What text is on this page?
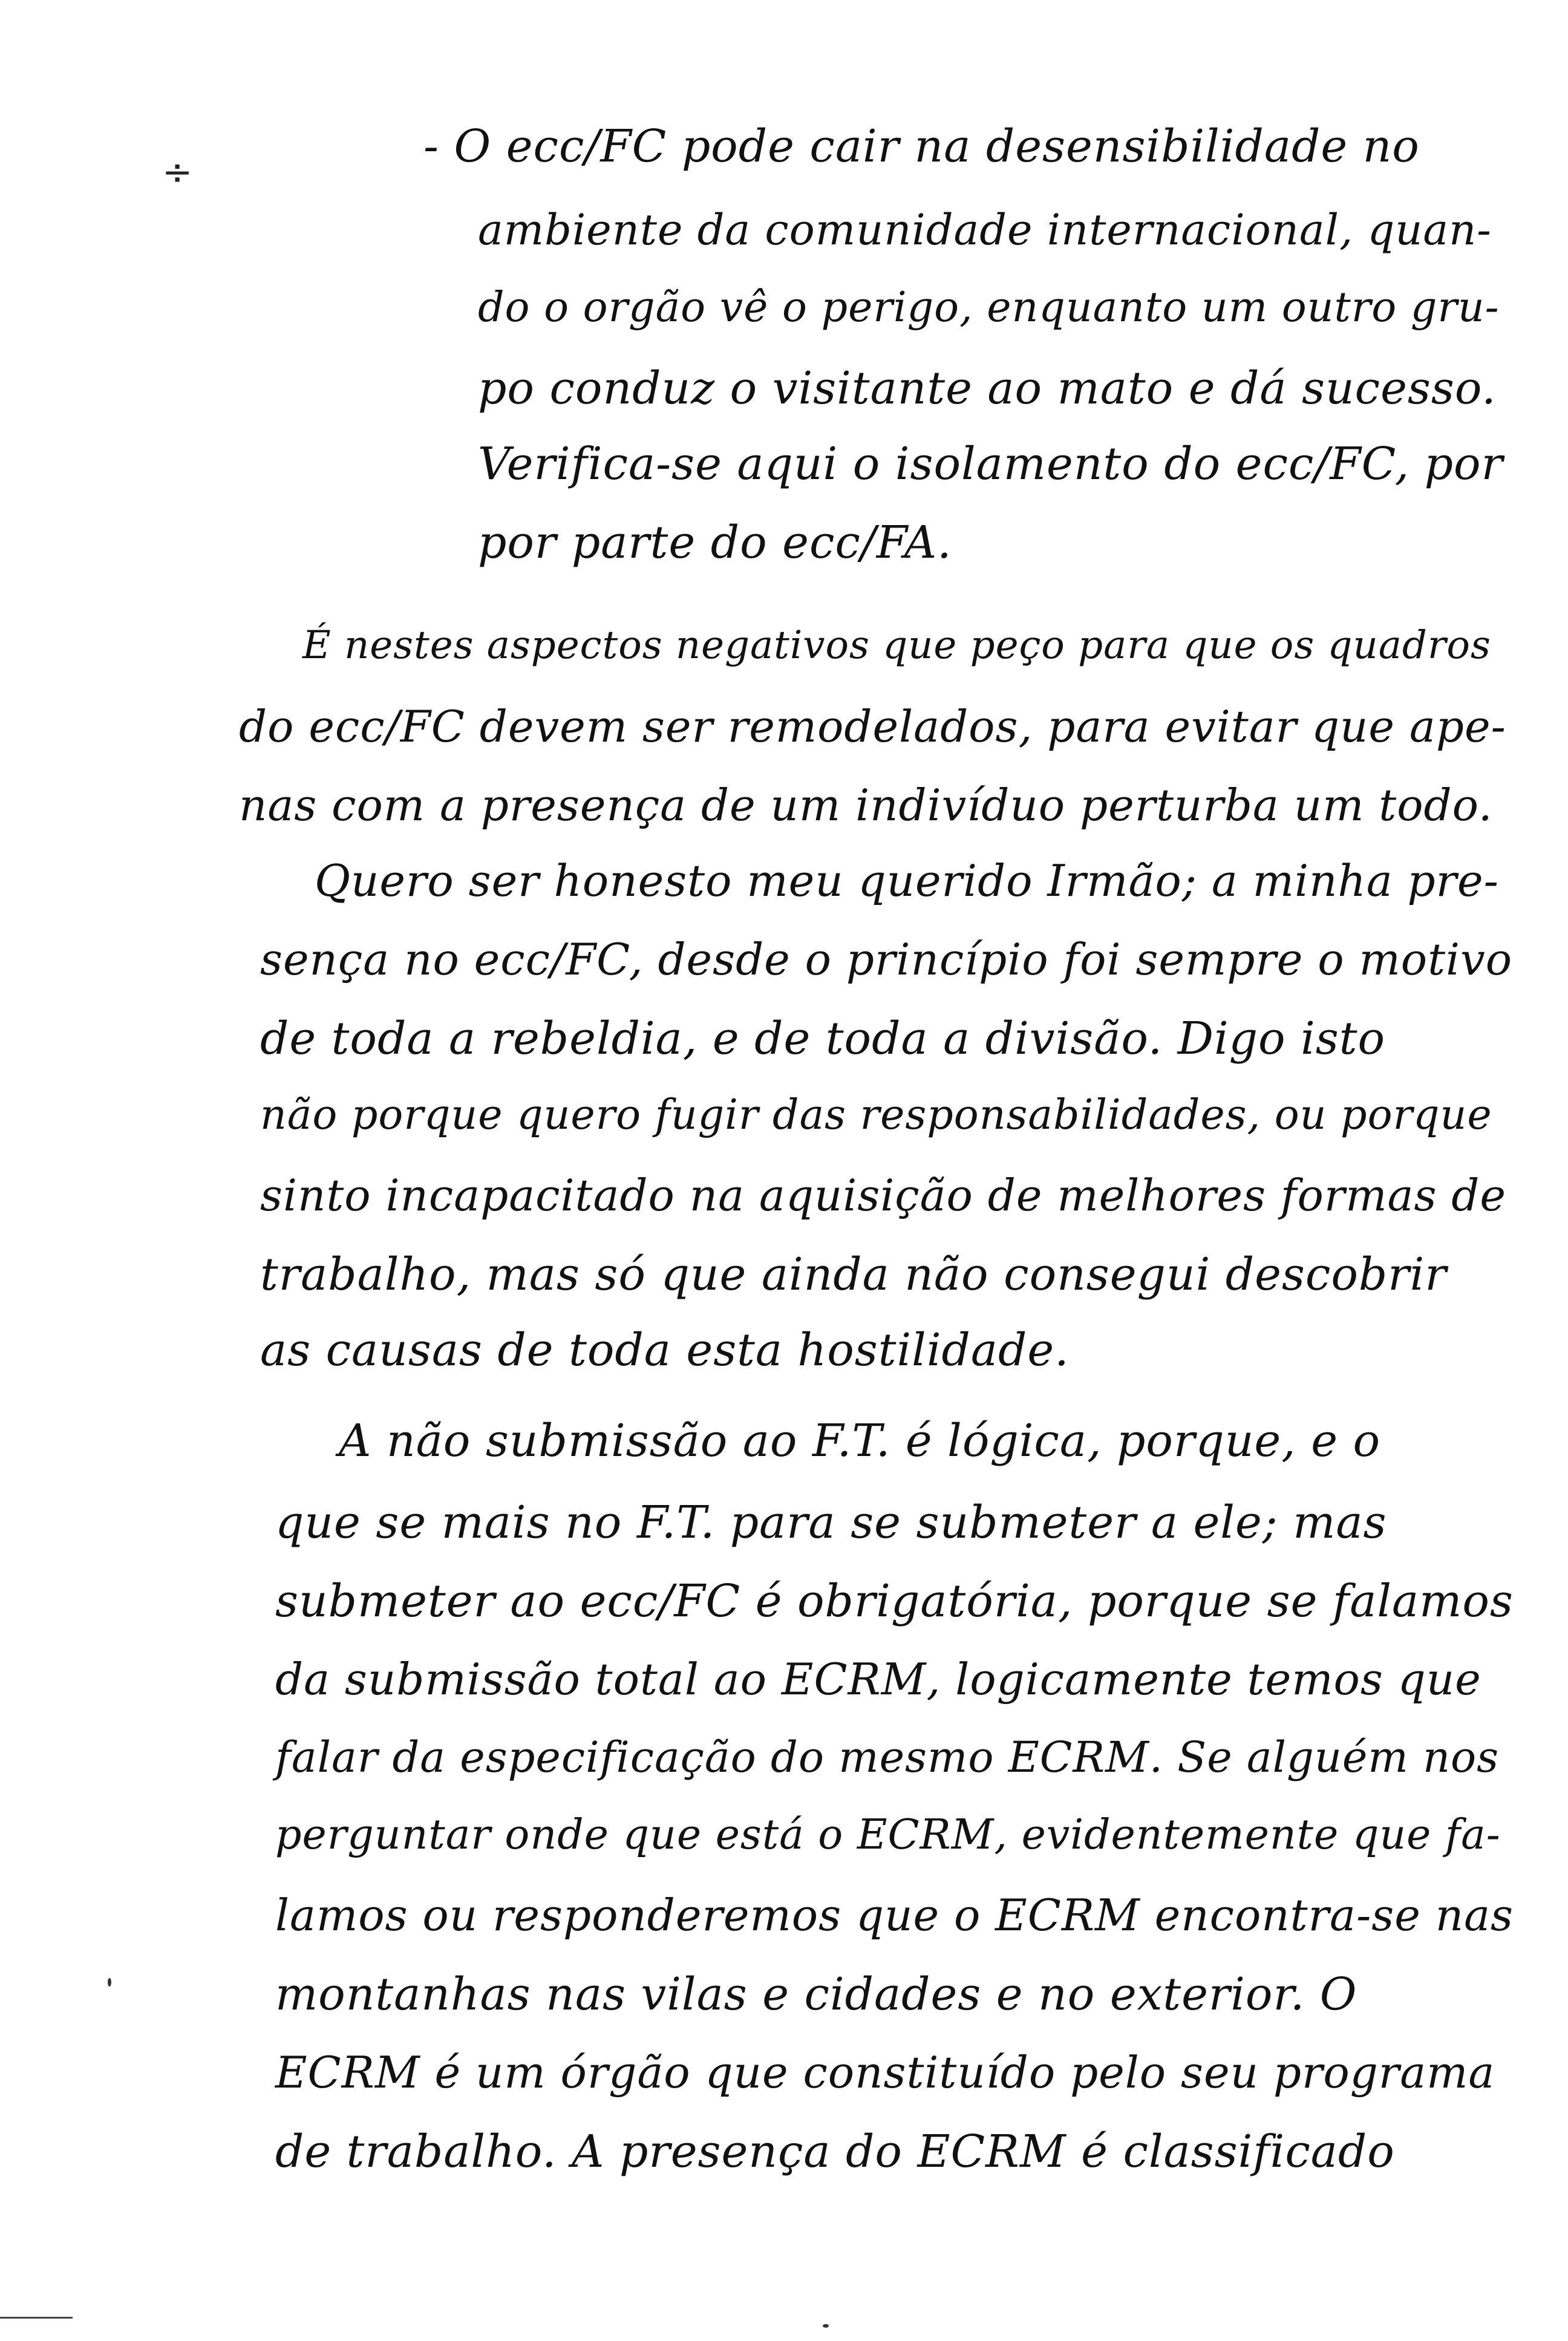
÷	- O ecc/FC pode cair na desensibilidade no
ambiente da comunidade internacional, quan-
do o orgão vê o perigo, enquanto um outro gru-
po conduz o visitante ao mato e dá sucesso.
Verifica-se aqui o isolamento do ecc/FC, por
por parte do ecc/FA.
É nestes aspectos negativos que peço para que os quadros
do ecc/FC devem ser remodelados, para evitar que ape-
nas com a presença de um indivíduo perturba um todo.
Quero ser honesto meu querido Irmão; a minha pre-
sença no ecc/FC, desde o princípio foi sempre o motivo
de toda a rebeldia, e de toda a divisão. Digo isto
não porque quero fugir das responsabilidades, ou porque
sinto incapacitado na aquisição de melhores formas de
trabalho, mas só que ainda não consegui descobrir
as causas de toda esta hostilidade.
A não submissão ao F.T. é lógica, porque, e o
que se mais no F.T. para se submeter a ele; mas
submeter ao ecc/FC é obrigatória, porque se falamos
da submissão total ao ECRM, logicamente temos que
falar da especificação do mesmo ECRM. Se alguém nos
perguntar onde que está o ECRM, evidentemente que fa-
lamos ou responderemos que o ECRM encontra-se nas
montanhas nas vilas e cidades e no exterior. O
ECRM é um órgão que constituído pelo seu programa
de trabalho. A presença do ECRM é classificado
